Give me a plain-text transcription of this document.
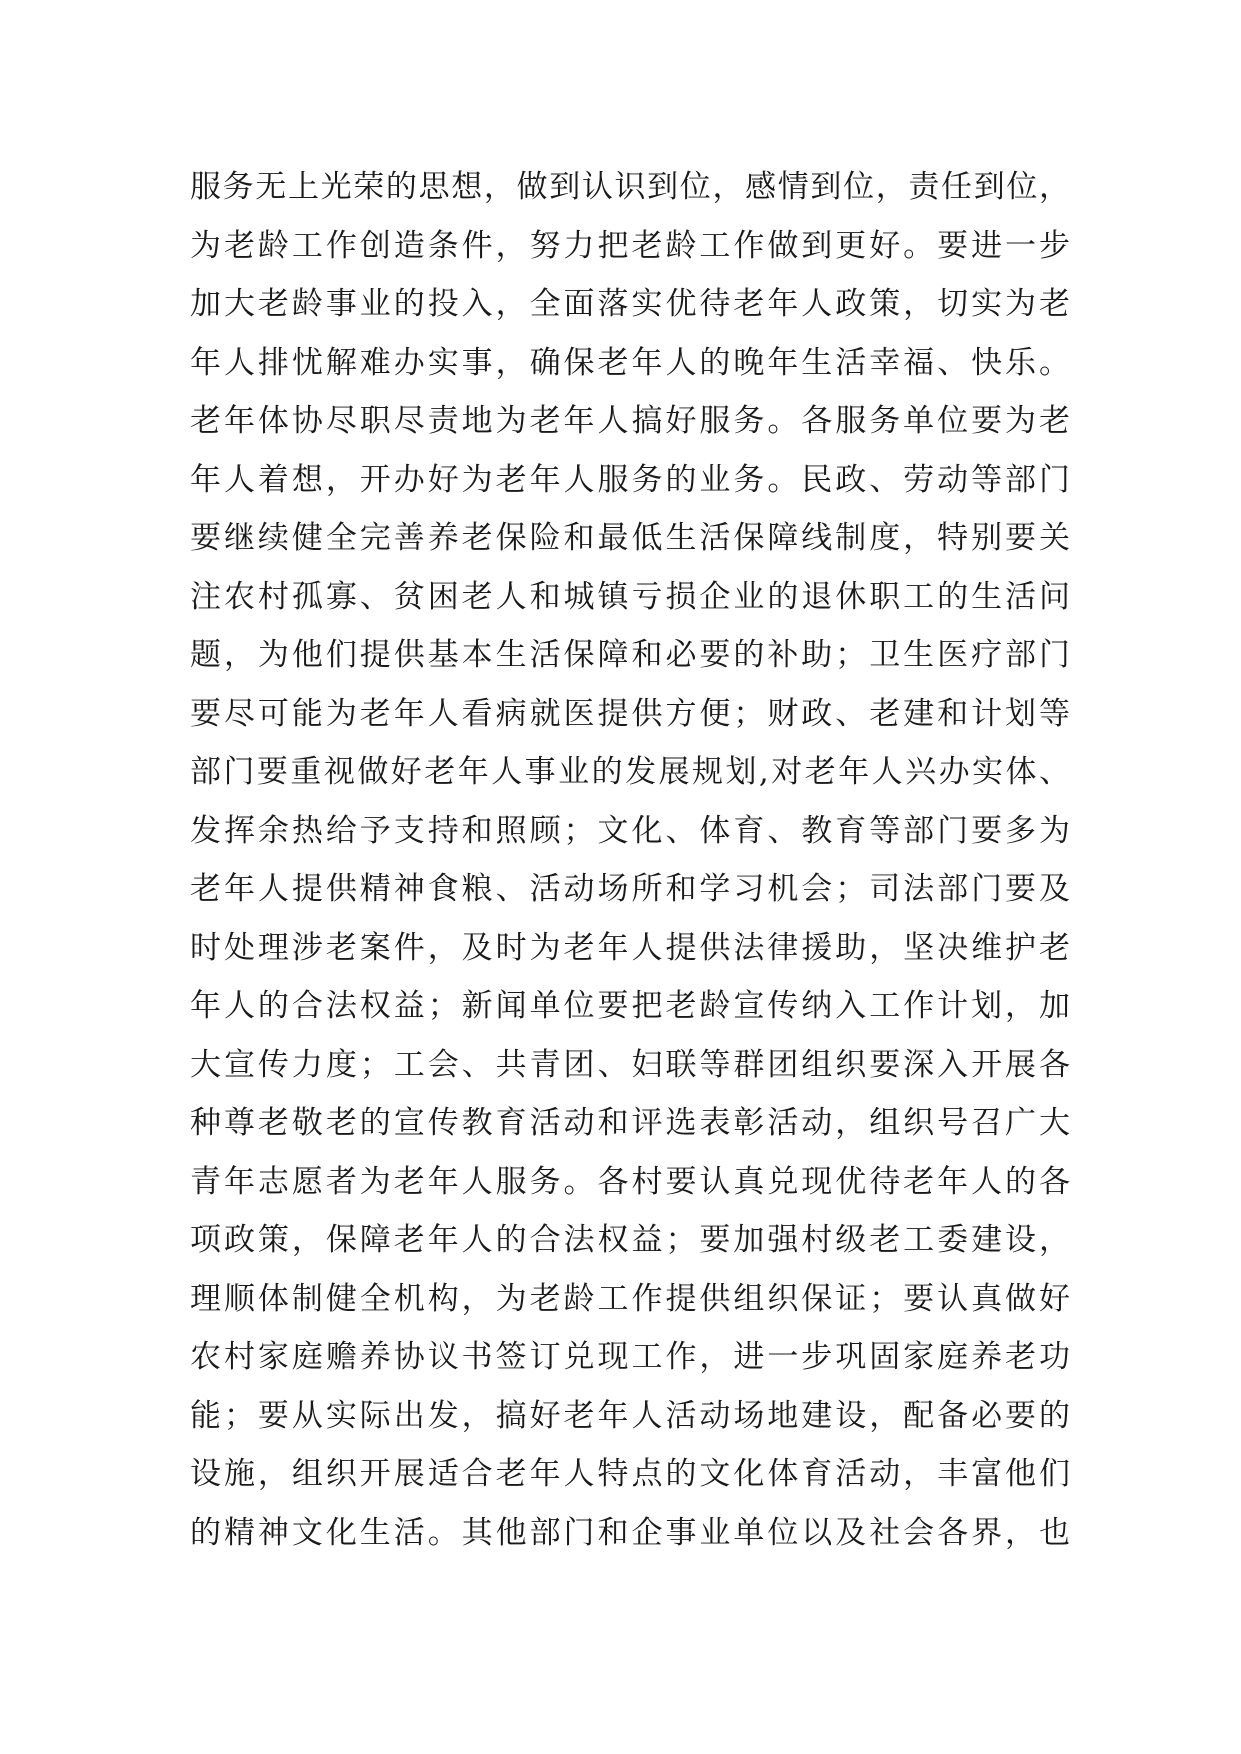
服务无上光荣的思想，做到认识到位，感情到位，责任到位，
为老龄工作创造条件，努力把老龄工作做到更好。要进一步
加大老龄事业的投入，全面落实优待老年人政策，切实为老
年人排忧解难办实事，确保老年人的晚年生活幸福、快乐。
老年体协尽职尽责地为老年人搞好服务。各服务单位要为老
年人着想，开办好为老年人服务的业务。民政、劳动等部门
要继续健全完善养老保险和最低生活保障线制度，特别要关
注农村孤寡、贫困老人和城镇亏损企业的退休职工的生活问
题，为他们提供基本生活保障和必要的补助；卫生医疗部门
要尽可能为老年人看病就医提供方便；财政、老建和计划等
部门要重视做好老年人事业的发展规划,对老年人兴办实体、
发挥余热给予支持和照顾；文化、体育、教育等部门要多为
老年人提供精神食粮、活动场所和学习机会；司法部门要及
时处理涉老案件，及时为老年人提供法律援助，坚决维护老
年人的合法权益；新闻单位要把老龄宣传纳入工作计划，加
大宣传力度；工会、共青团、妇联等群团组织要深入开展各
种尊老敬老的宣传教育活动和评选表彰活动，组织号召广大
青年志愿者为老年人服务。各村要认真兑现优待老年人的各
项政策，保障老年人的合法权益；要加强村级老工委建设，
理顺体制健全机构，为老龄工作提供组织保证；要认真做好
农村家庭赡养协议书签订兑现工作，进一步巩固家庭养老功
能；要从实际出发，搞好老年人活动场地建设，配备必要的
设施，组织开展适合老年人特点的文化体育活动，丰富他们
的精神文化生活。其他部门和企事业单位以及社会各界，也
